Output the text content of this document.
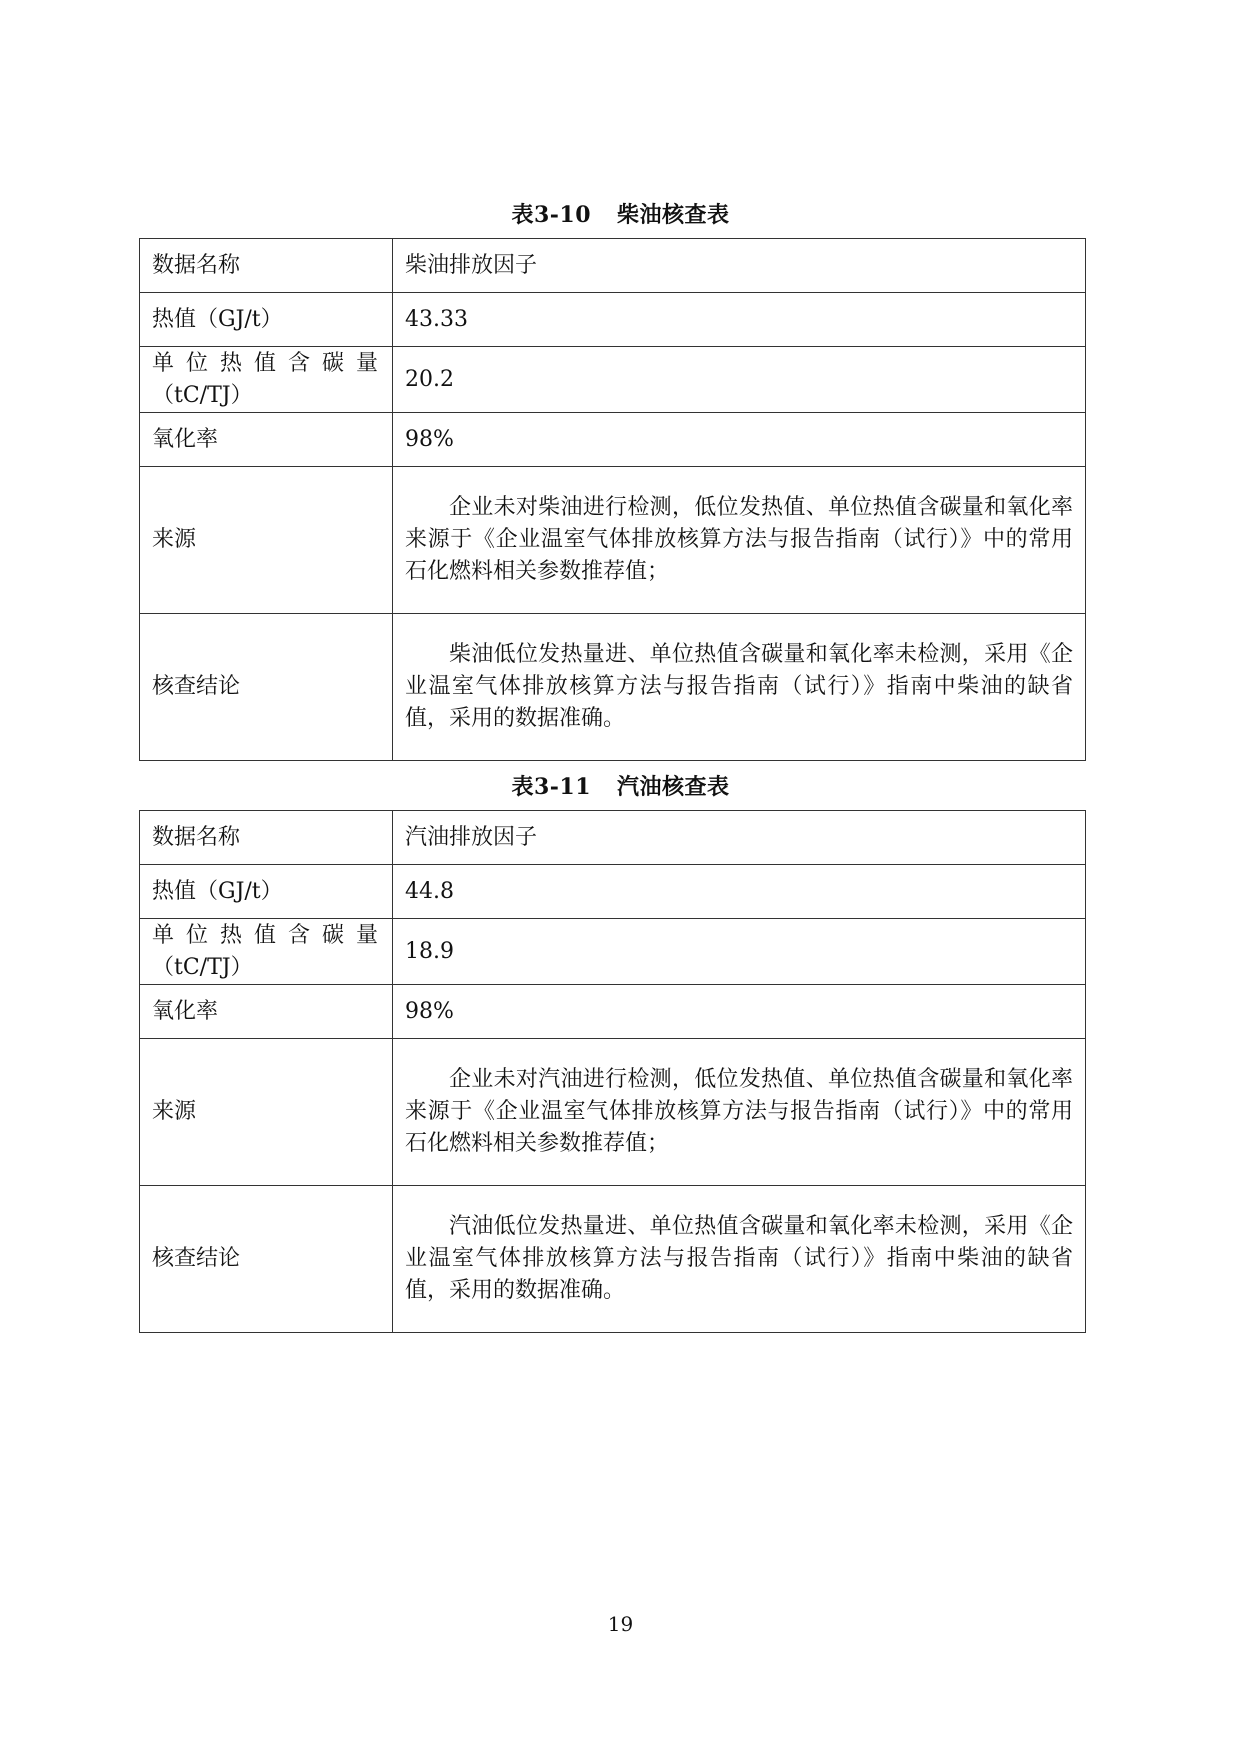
表3-10 柴油核查表
数据名称	柴油排放因子
热值（GJ/t）	43.33

单位热值含碳量
（tC/TJ）	20.2
氧化率	98%
来源	企业未对柴油进行检测，低位发热值、单位热值含碳量和氧化率来源于《企业温室气体排放核算方法与报告指南（试行）》中的常用石化燃料相关参数推荐值；
核查结论	柴油低位发热量进、单位热值含碳量和氧化率未检测，采用《企业温室气体排放核算方法与报告指南（试行）》指南中柴油的缺省值，采用的数据准确。
表3-11 汽油核查表
数据名称	汽油排放因子
热值（GJ/t）	44.8

单位热值含碳量
（tC/TJ）	18.9
氧化率	98%
来源	企业未对汽油进行检测，低位发热值、单位热值含碳量和氧化率来源于《企业温室气体排放核算方法与报告指南（试行）》中的常用石化燃料相关参数推荐值；
核查结论	汽油低位发热量进、单位热值含碳量和氧化率未检测，采用《企业温室气体排放核算方法与报告指南（试行）》指南中柴油的缺省值，采用的数据准确。
19
